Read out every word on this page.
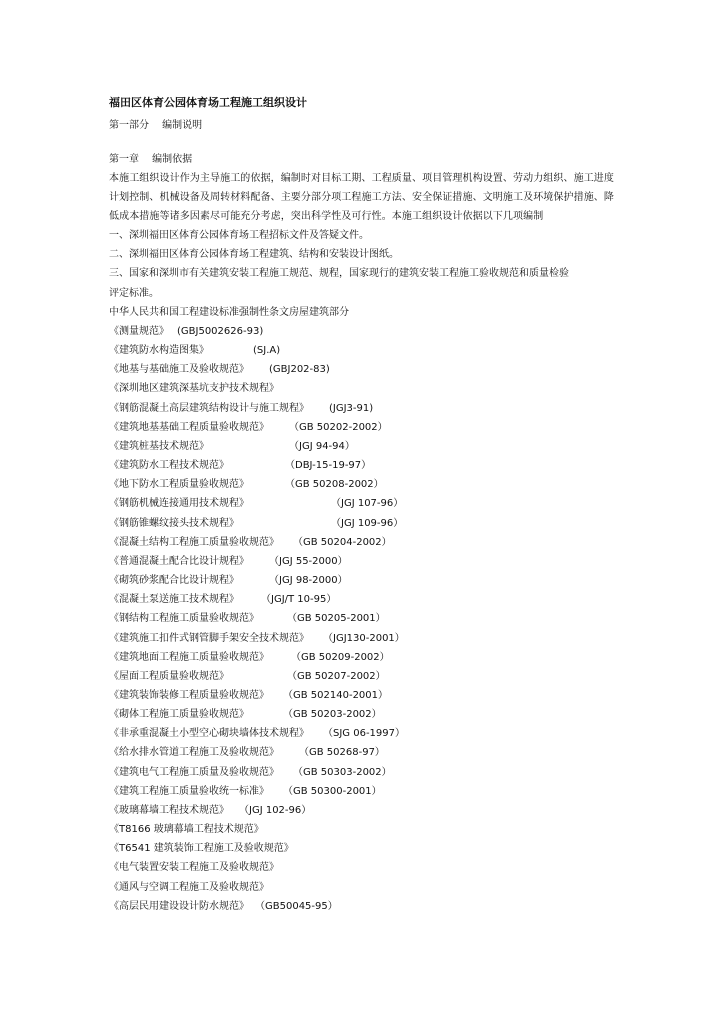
福田区体育公园体育场工程施工组织设计

第一部分　 编制说明

第一章　 编制依据

本施工组织设计作为主导施工的依据，编制时对目标工期、工程质量、项目管理机构设置、劳动力组织、施工进度计划控制、机械设备及周转材料配备、主要分部分项工程施工方法、安全保证措施、文明施工及环境保护措施、降低成本措施等诸多因素尽可能充分考虑，突出科学性及可行性。本施工组织设计依据以下几项编制

一、深圳福田区体育公园体育场工程招标文件及答疑文件。

二、深圳福田区体育公园体育场工程建筑、结构和安装设计图纸。

三、国家和深圳市有关建筑安装工程施工规范、规程，国家现行的建筑安装工程施工验收规范和质量检验

评定标准。

中华人民共和国工程建设标准强制性条文房屋建筑部分

《测量规范》 (GBJ5002626-93)
《建筑防水构造图集》	(SJ.A)
《地基与基础施工及验收规范》	(GBJ202-83)
《深圳地区建筑深基坑支护技术规程》
《钢筋混凝土高层建筑结构设计与施工规程》	(JGJ3-91)
《建筑地基基础工程质量验收规范》	（GB 50202-2002）
《建筑桩基技术规范》	（JGJ 94-94）
《建筑防水工程技术规范》	（DBJ-15-19-97）
《地下防水工程质量验收规范》	（GB 50208-2002）
《钢筋机械连接通用技术规程》	（JGJ 107-96）
《钢筋锥螺纹接头技术规程》	（JGJ 109-96）
《混凝土结构工程施工质量验收规范》	（GB 50204-2002）
《普通混凝土配合比设计规程》	（JGJ 55-2000）
《砌筑砂浆配合比设计规程》	（JGJ 98-2000）
《混凝土泵送施工技术规程》	（JGJ/T 10-95）
《钢结构工程施工质量验收规范》	（GB 50205-2001）
《建筑施工扣件式钢管脚手架安全技术规范》	（JGJ130-2001）
《建筑地面工程施工质量验收规范》	（GB 50209-2002）
《屋面工程质量验收规范》	（GB 50207-2002）
《建筑装饰装修工程质量验收规范》	（GB 502140-2001）
《砌体工程施工质量验收规范》	（GB 50203-2002）
《非承重混凝土小型空心砌块墙体技术规程》	（SJG 06-1997）
《给水排水管道工程施工及验收规范》	（GB 50268-97）
《建筑电气工程施工质量及验收规范》	（GB 50303-2002）
《建筑工程施工质量验收统一标准》	（GB 50300-2001）
《玻璃幕墙工程技术规范》	（JGJ 102-96）
《T8166 玻璃幕墙工程技术规范》
《T6541 建筑装饰工程施工及验收规范》
《电气装置安装工程施工及验收规范》
《通风与空调工程施工及验收规范》
《高层民用建设设计防水规范》 （GB50045-95）
